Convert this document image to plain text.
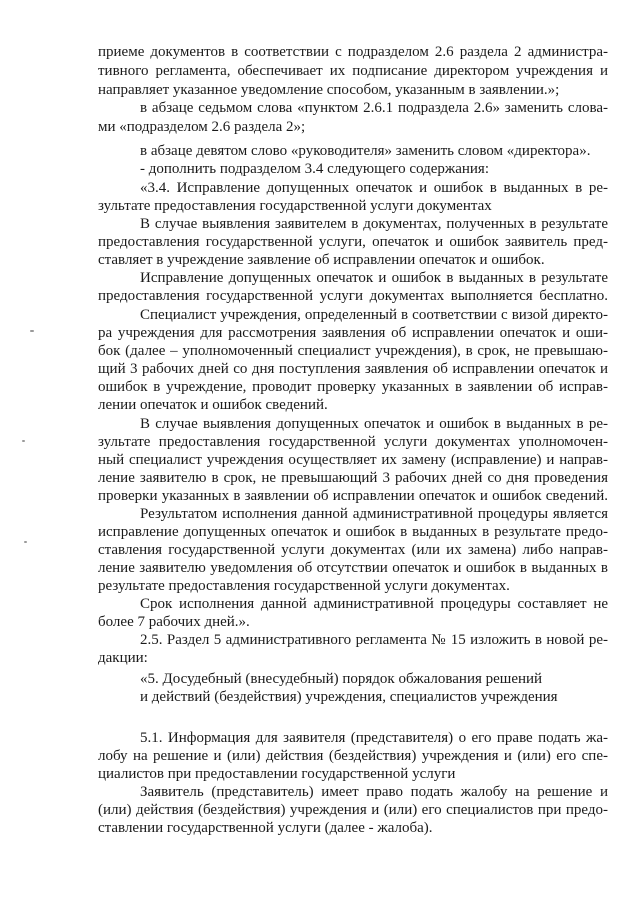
приеме документов в соответствии с подразделом 2.6 раздела 2 администра-

тивного регламента, обеспечивает их подписание директором учреждения и

направляет указанное уведомление способом, указанным в заявлении.»;

в абзаце седьмом слова «пунктом 2.6.1 подраздела 2.6» заменить слова-

ми «подразделом 2.6 раздела 2»;

в абзаце девятом слово «руководителя» заменить словом «директора».

- дополнить подразделом 3.4 следующего содержания:

«3.4. Исправление допущенных опечаток и ошибок в выданных в ре-

зультате предоставления государственной услуги документах

В случае выявления заявителем в документах, полученных в результате

предоставления государственной услуги, опечаток и ошибок заявитель пред-

ставляет в учреждение заявление об исправлении опечаток и ошибок.

Исправление допущенных опечаток и ошибок в выданных в результате

предоставления государственной услуги документах выполняется бесплатно.

Специалист учреждения, определенный в соответствии с визой директо-

ра учреждения для рассмотрения заявления об исправлении опечаток и оши-

бок (далее – уполномоченный специалист учреждения), в срок, не превышаю-

щий 3 рабочих дней со дня поступления заявления об исправлении опечаток и

ошибок в учреждение, проводит проверку указанных в заявлении об исправ-

лении опечаток и ошибок сведений.

В случае выявления допущенных опечаток и ошибок в выданных в ре-

зультате предоставления государственной услуги документах уполномочен-

ный специалист учреждения осуществляет их замену (исправление) и направ-

ление заявителю в срок, не превышающий 3 рабочих дней со дня проведения

проверки указанных в заявлении об исправлении опечаток и ошибок сведений.

Результатом исполнения данной административной процедуры является

исправление допущенных опечаток и ошибок в выданных в результате предо-

ставления государственной услуги документах (или их замена) либо направ-

ление заявителю уведомления об отсутствии опечаток и ошибок в выданных в

результате предоставления государственной услуги документах.

Срок исполнения данной административной процедуры составляет не

более 7 рабочих дней.».

2.5. Раздел 5 административного регламента № 15 изложить в новой ре-

дакции:

«5. Досудебный (внесудебный) порядок обжалования решений

и действий (бездействия) учреждения, специалистов учреждения

5.1. Информация для заявителя (представителя) о его праве подать жа-

лобу на решение и (или) действия (бездействия) учреждения и (или) его спе-

циалистов при предоставлении государственной услуги

Заявитель (представитель) имеет право подать жалобу на решение и

(или) действия (бездействия) учреждения и (или) его специалистов при предо-

ставлении государственной услуги (далее - жалоба).
